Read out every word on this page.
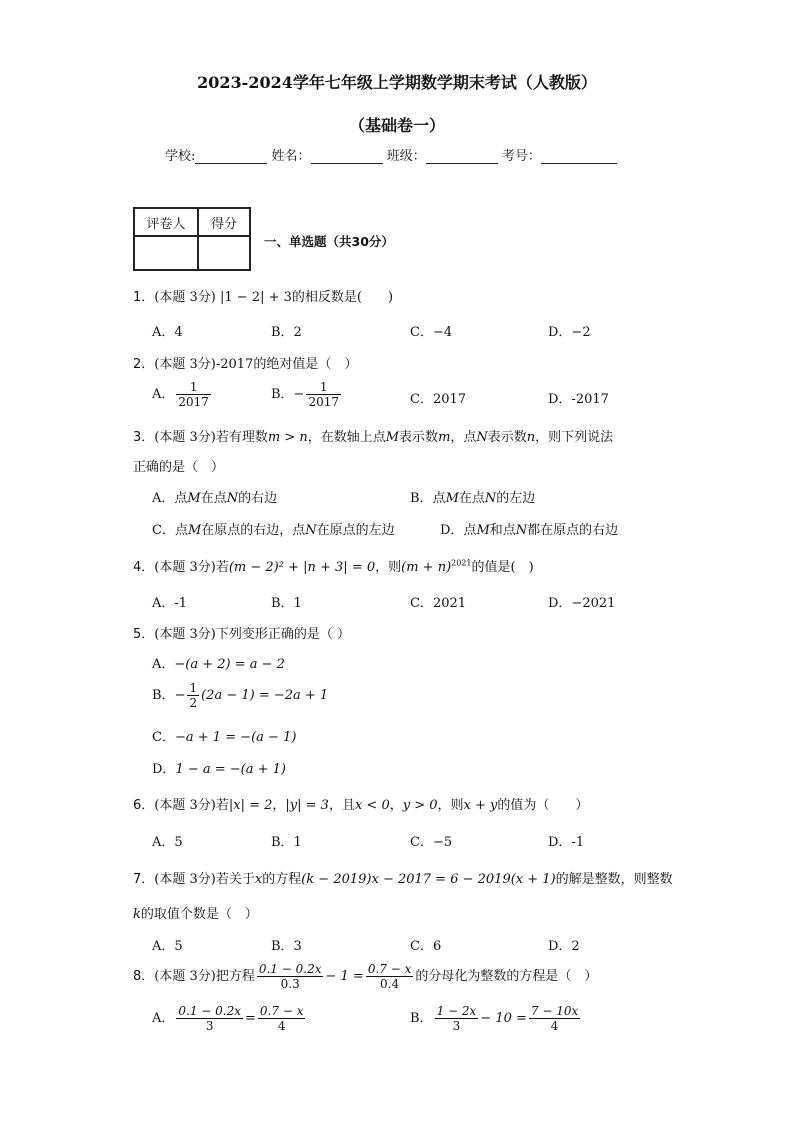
2023-2024学年七年级上学期数学期末考试（人教版）
（基础卷一）
学校:	姓名：	班级：	考号：
评卷人	得分

一、单选题（共30分）
1．(本题 3分) |1 − 2| + 3的相反数是(　　)
A．4	B．2	C．−4	D．−2
2．(本题 3分)-2017的绝对值是（　）
A． $\frac{1}{2017}$	B．− $\frac{1}{2017}$	C．2017	D．-2017
3．(本题 3分)若有理数m > n，在数轴上点M表示数m，点N表示数n，则下列说法
正确的是（　）
A．点M在点N的右边	B．点M在点N的左边
C．点M在原点的右边，点N在原点的左边	D．点M和点N都在原点的右边
4．(本题 3分)若(m − 2)² + |n + 3| = 0，则$(m + n)^{2021}$的值是(　)
A．-1	B．1	C．2021	D．−2021
5．(本题 3分)下列变形正确的是（ ）
A．−(a + 2) = a − 2
B．− $\frac{1}{2} (2a - 1) = -2a + 1$
C．−a + 1 = −(a − 1)
D．1 − a = −(a + 1)
6．(本题 3分)若|x| = 2，|y| = 3，且x < 0，y > 0，则x + y的值为（　　）
A．5	B．1	C．−5	D．-1
7．(本题 3分)若关于x的方程(k − 2019)x − 2017 = 6 − 2019(x + 1)的解是整数，则整数
k的取值个数是（　）
A．5	B．3	C．6	D．2
8．(本题 3分)把方程 $\frac{0.1 - 0.2x}{0.3} - 1 = \frac{0.7 - x}{0.4}$ 的分母化为整数的方程是（　）
A． $\frac{0.1 - 0.2x}{3} = \frac{0.7 - x}{4}$	B． $\frac{1 - 2x}{3} - 10 = \frac{7 - 10x}{4}$
